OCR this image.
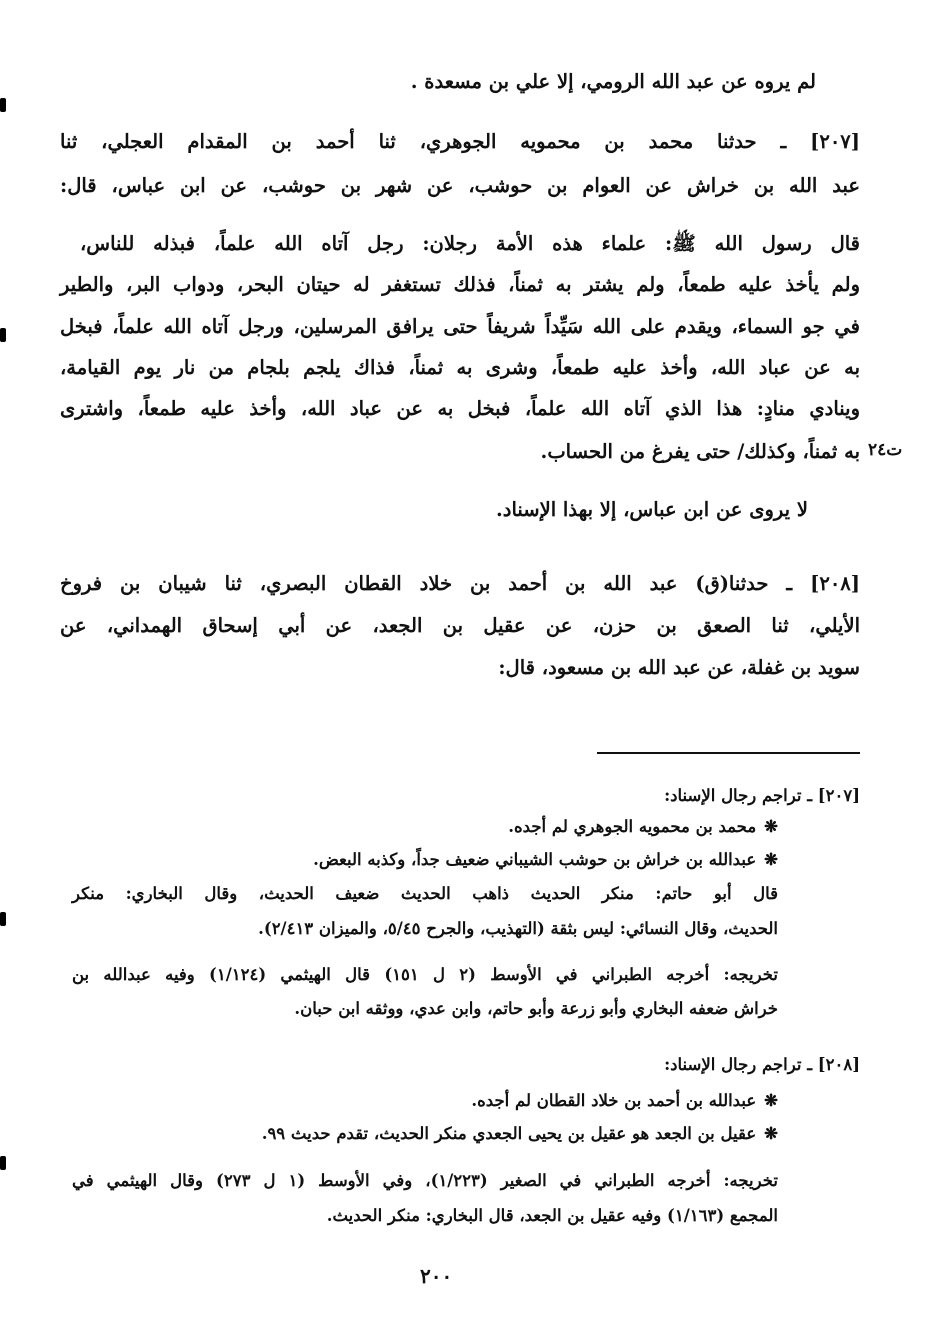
لم يروه عن عبد الله الرومي، إلا علي بن مسعدة .
[٢٠٧] ـ حدثنا محمد بن محمويه الجوهري، ثنا أحمد بن المقدام العجلي، ثنا
عبد الله بن خراش عن العوام بن حوشب، عن شهر بن حوشب، عن ابن عباس، قال:
قال رسول الله ﷺ: علماء هذه الأمة رجلان: رجل آتاه الله علماً، فبذله للناس،
ولم يأخذ عليه طمعاً، ولم يشتر به ثمناً، فذلك تستغفر له حيتان البحر، ودواب البر، والطير
في جو السماء، ويقدم على الله سَيِّداً شريفاً حتى يرافق المرسلين، ورجل آتاه الله علماً، فبخل
به عن عباد الله، وأخذ عليه طمعاً، وشرى به ثمناً، فذاك يلجم بلجام من نار يوم القيامة،
وينادي منادٍ: هذا الذي آتاه الله علماً، فبخل به عن عباد الله، وأخذ عليه طمعاً، واشترى
به ثمناً، وكذلك/ حتى يفرغ من الحساب. ت٢٤
لا يروى عن ابن عباس، إلا بهذا الإسناد.
[٢٠٨] ـ حدثنا(ق) عبد الله بن أحمد بن خلاد القطان البصري، ثنا شيبان بن فروخ
الأيلي، ثنا الصعق بن حزن، عن عقيل بن الجعد، عن أبي إسحاق الهمداني، عن
سويد بن غفلة، عن عبد الله بن مسعود، قال:
[٢٠٧] ـ تراجم رجال الإسناد:
❋محمد بن محمويه الجوهري لم أجده.
❋عبدالله بن خراش بن حوشب الشيباني ضعيف جداً، وكذبه البعض.
قال أبو حاتم: منكر الحديث ذاهب الحديث ضعيف الحديث، وقال البخاري: منكر
الحديث، وقال النسائي: ليس بثقة (التهذيب، والجرح ٥/٤٥، والميزان ٢/٤١٣).
تخريجه: أخرجه الطبراني في الأوسط (٢ ل ١٥١) قال الهيثمي (١/١٢٤) وفيه عبدالله بن
خراش ضعفه البخاري وأبو زرعة وأبو حاتم، وابن عدي، ووثقه ابن حبان.
[٢٠٨] ـ تراجم رجال الإسناد:
❋عبدالله بن أحمد بن خلاد القطان لم أجده.
❋عقيل بن الجعد هو عقيل بن يحيى الجعدي منكر الحديث، تقدم حديث ٩٩.
تخريجه: أخرجه الطبراني في الصغير (١/٢٢٣)، وفي الأوسط (١ ل ٢٧٣) وقال الهيثمي في
المجمع (١/١٦٣) وفيه عقيل بن الجعد، قال البخاري: منكر الحديث.
٢٠٠
